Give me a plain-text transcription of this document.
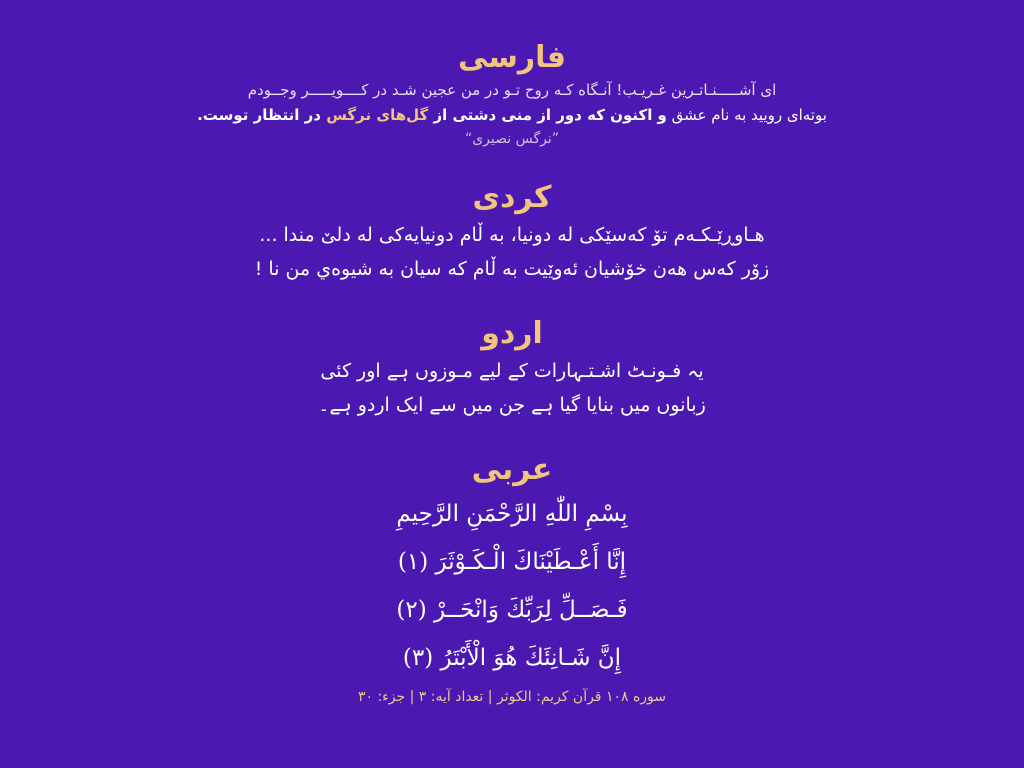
فارسی
ای آشـــــنـاتـرین غـریـب! آنـگاه کـه روح تـو در من عجین شـد در کــــویـــــر وجــودم
بوته‌ای رویید به نام عشق و اکنون که دور از منی دشتی از گل‌های نرگس در انتظار توست.
”نرگس نصیری“
کردی
هـاوڕێـکـەم تۆ کەسێکی لە دونیا، بە ڵام دونیایەکی لە دلێ مندا ...
زۆر کەس هەن خۆشیان ئەوێیت بە ڵام کە سیان بە شیوەي من نا !
اردو
یہ فـونـٹ اشـتـہارات کے لیے مـوزوں ہے اور کئی
زبانوں میں بنایا گیا ہے جن میں سے ایک اردو ہے۔
عربی
بِسْمِ اللّٰهِ الرَّحْمَنِ الرَّحِيمِ
إِنَّا أَعْـطَيْنَاكَ الْـكَـوْثَرَ (١)
فَـصَــلِّ لِرَبِّكَ وَانْحَــرْ (٢)
إِنَّ شَـانِئَكَ هُوَ الْأَبْتَرُ (٣)
سوره ۱۰۸ قرآن کریم: الکوثر | تعداد آیه: ۳ | جزء: ۳۰
